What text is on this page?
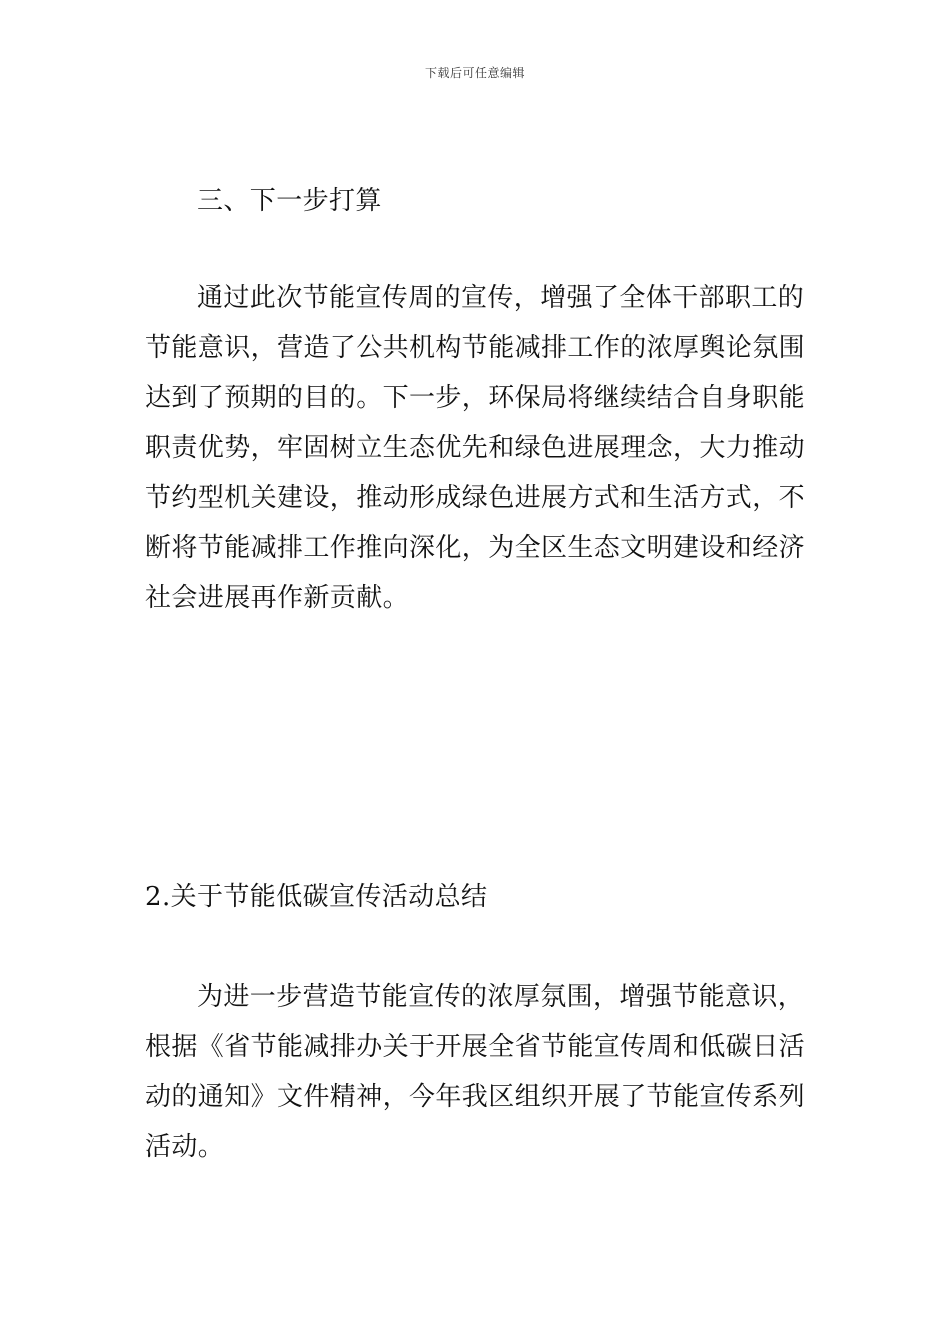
下载后可任意编辑
三、下一步打算
通过此次节能宣传周的宣传，增强了全体干部职工的
节能意识，营造了公共机构节能减排工作的浓厚舆论氛围
达到了预期的目的。下一步，环保局将继续结合自身职能
职责优势，牢固树立生态优先和绿色进展理念，大力推动
节约型机关建设，推动形成绿色进展方式和生活方式，不
断将节能减排工作推向深化，为全区生态文明建设和经济
社会进展再作新贡献。
2.关于节能低碳宣传活动总结
为进一步营造节能宣传的浓厚氛围，增强节能意识，
根据《省节能减排办关于开展全省节能宣传周和低碳日活
动的通知》文件精神，今年我区组织开展了节能宣传系列
活动。
